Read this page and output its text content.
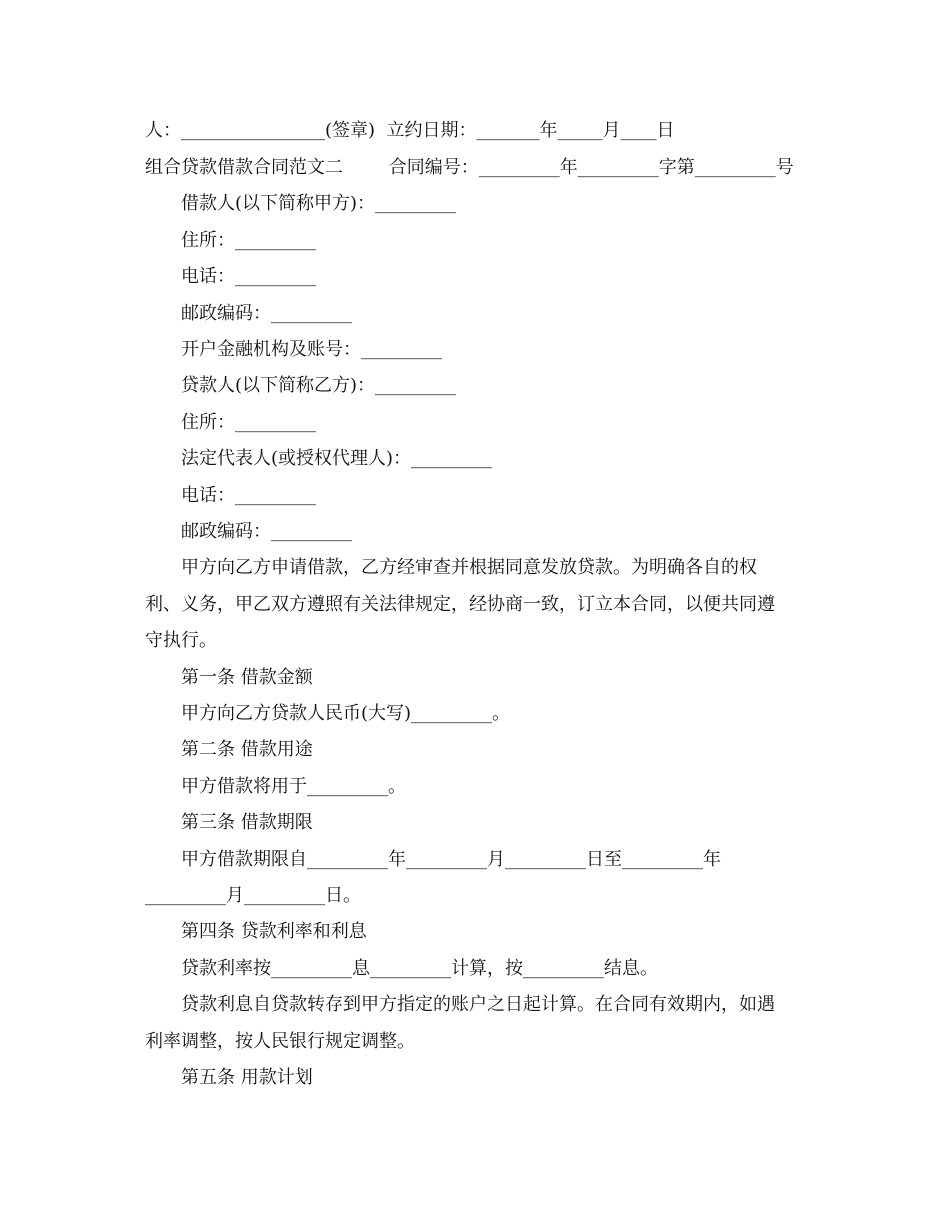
人：________________(签章)  立约日期：_______年_____月____日
组合贷款借款合同范文二        合同编号：_________年_________字第_________号
借款人(以下简称甲方)：_________
住所：_________
电话：_________
邮政编码：_________
开户金融机构及账号：_________
贷款人(以下简称乙方)：_________
住所：_________
法定代表人(或授权代理人)：_________
电话：_________
邮政编码：_________
甲方向乙方申请借款，乙方经审查并根据同意发放贷款。为明确各自的权
利、义务，甲乙双方遵照有关法律规定，经协商一致，订立本合同，以便共同遵
守执行。
第一条 借款金额
甲方向乙方贷款人民币(大写)_________。
第二条 借款用途
甲方借款将用于_________。
第三条 借款期限
甲方借款期限自_________年_________月_________日至_________年
_________月_________日。
第四条 贷款利率和利息
贷款利率按_________息_________计算，按_________结息。
贷款利息自贷款转存到甲方指定的账户之日起计算。在合同有效期内，如遇
利率调整，按人民银行规定调整。
第五条 用款计划
